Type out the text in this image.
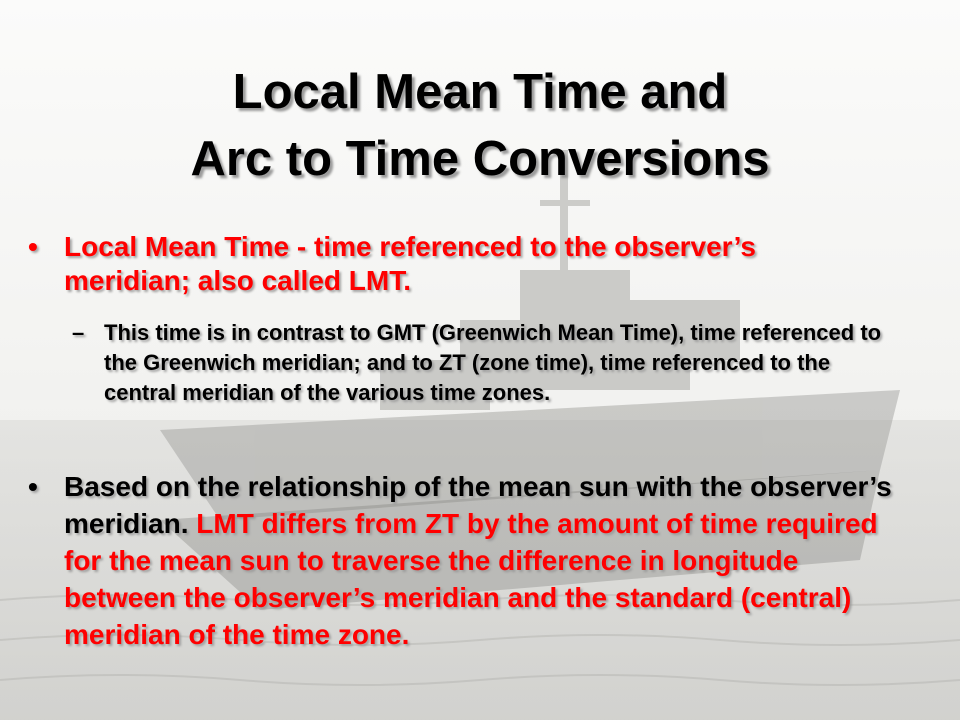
Local Mean Time and
Arc to Time Conversions
• Local Mean Time - time referenced to the observer’s meridian; also called LMT.
– This time is in contrast to GMT (Greenwich Mean Time), time referenced to the Greenwich meridian; and to ZT (zone time), time referenced to the central meridian of the various time zones.
• Based on the relationship of the mean sun with the observer’s meridian. LMT differs from ZT by the amount of time required for the mean sun to traverse the difference in longitude between the observer’s meridian and the standard (central) meridian of the time zone.
